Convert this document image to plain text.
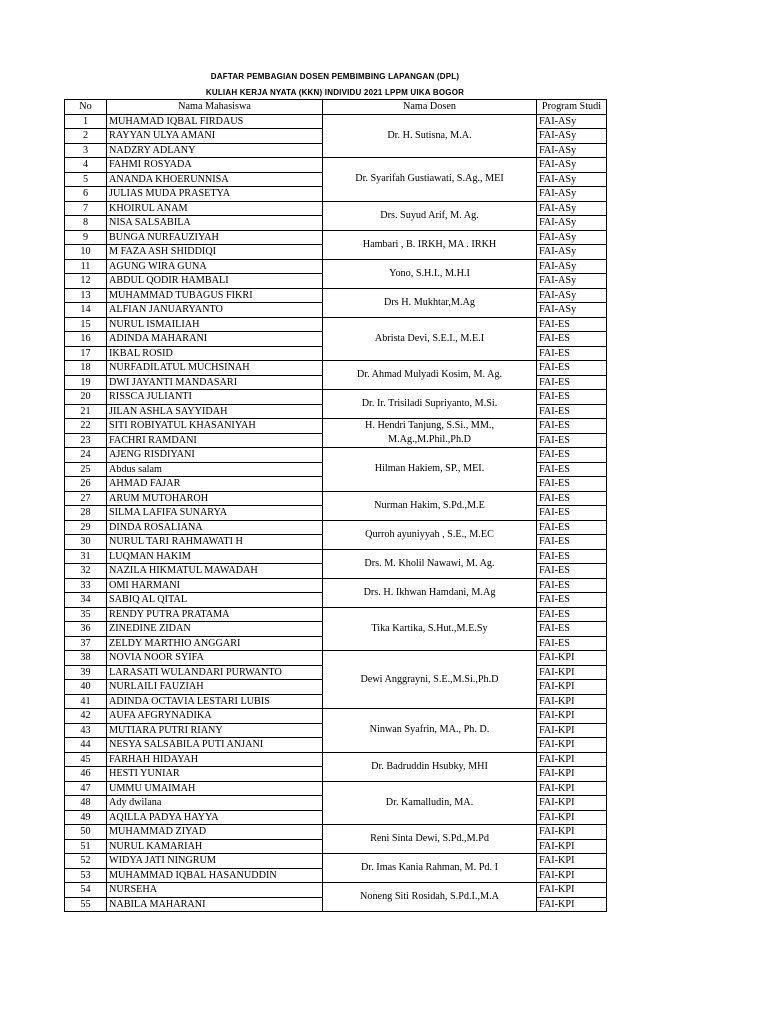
DAFTAR PEMBAGIAN DOSEN PEMBIMBING LAPANGAN (DPL)
KULIAH KERJA NYATA (KKN) INDIVIDU 2021 LPPM UIKA BOGOR
No	Nama Mahasiswa	Nama Dosen	Program Studi
1	MUHAMAD IQBAL FIRDAUS	Dr. H. Sutisna, M.A.	FAI-ASy
2	RAYYAN ULYA AMANI		FAI-ASy
3	NADZRY ADLANY		FAI-ASy
4	FAHMI ROSYADA	Dr. Syarifah Gustiawati, S.Ag., MEI	FAI-ASy
5	ANANDA KHOERUNNISA		FAI-ASy
6	JULIAS MUDA PRASETYA		FAI-ASy
7	KHOIRUL ANAM	Drs. Suyud Arif, M. Ag.	FAI-ASy
8	NISA SALSABILA		FAI-ASy
9	BUNGA NURFAUZIYAH	Hambari , B. IRKH, MA . IRKH	FAI-ASy
10	M FAZA ASH SHIDDIQI		FAI-ASy
11	AGUNG WIRA GUNA	Yono, S.H.I., M.H.I	FAI-ASy
12	ABDUL QODIR HAMBALI		FAI-ASy
13	MUHAMMAD TUBAGUS FIKRI	Drs H. Mukhtar,M.Ag	FAI-ASy
14	ALFIAN JANUARYANTO		FAI-ASy
15	NURUL ISMAILIAH	Abrista Devi, S.E.I., M.E.I	FAI-ES
16	ADINDA MAHARANI		FAI-ES
17	IKBAL ROSID		FAI-ES
18	NURFADILATUL MUCHSINAH	Dr. Ahmad Mulyadi Kosim, M. Ag.	FAI-ES
19	DWI JAYANTI MANDASARI		FAI-ES
20	RISSCA JULIANTI	Dr. Ir. Trisiladi Supriyanto, M.Si.	FAI-ES
21	JILAN ASHLA SAYYIDAH		FAI-ES
22	SITI ROBIYATUL KHASANIYAH	H. Hendri Tanjung, S.Si., MM., M.Ag.,M.Phil.,Ph.D	FAI-ES
23	FACHRI RAMDANI		FAI-ES
24	AJENG RISDIYANI	Hilman Hakiem, SP., MEI.	FAI-ES
25	Abdus salam		FAI-ES
26	AHMAD FAJAR		FAI-ES
27	ARUM MUTOHAROH	Nurman Hakim, S.Pd.,M.E	FAI-ES
28	SILMA LAFIFA SUNARYA		FAI-ES
29	DINDA ROSALIANA	Qurroh ayuniyyah , S.E., M.EC	FAI-ES
30	NURUL TARI RAHMAWATI H		FAI-ES
31	LUQMAN HAKIM	Drs. M. Kholil Nawawi, M. Ag.	FAI-ES
32	NAZILA HIKMATUL MAWADAH		FAI-ES
33	OMI HARMANI	Drs. H. Ikhwan Hamdani, M.Ag	FAI-ES
34	SABIQ AL QITAL		FAI-ES
35	RENDY PUTRA PRATAMA	Tika Kartika, S.Hut.,M.E.Sy	FAI-ES
36	ZINEDINE ZIDAN		FAI-ES
37	ZELDY MARTHIO ANGGARI		FAI-ES
38	NOVIA NOOR SYIFA	Dewi Anggrayni, S.E.,M.Si.,Ph.D	FAI-KPI
39	LARASATI WULANDARI PURWANTO		FAI-KPI
40	NURLAILI FAUZIAH		FAI-KPI
41	ADINDA OCTAVIA LESTARI LUBIS		FAI-KPI
42	AUFA AFGRYNADIKA	Ninwan Syafrin, MA., Ph. D.	FAI-KPI
43	MUTIARA PUTRI RIANY		FAI-KPI
44	NESYA SALSABILA PUTI ANJANI		FAI-KPI
45	FARHAH HIDAYAH	Dr. Badruddin Hsubky, MHI	FAI-KPI
46	HESTI YUNIAR		FAI-KPI
47	UMMU UMAIMAH	Dr. Kamalludin, MA.	FAI-KPI
48	Ady dwilana		FAI-KPI
49	AQILLA PADYA HAYYA		FAI-KPI
50	MUHAMMAD ZIYAD	Reni Sinta Dewi, S.Pd.,M.Pd	FAI-KPI
51	NURUL KAMARIAH		FAI-KPI
52	WIDYA JATI NINGRUM	Dr. Imas Kania Rahman, M. Pd. I	FAI-KPI
53	MUHAMMAD IQBAL HASANUDDIN		FAI-KPI
54	NURSEHA	Noneng Siti Rosidah, S.Pd.I.,M.A	FAI-KPI
55	NABILA MAHARANI		FAI-KPI
